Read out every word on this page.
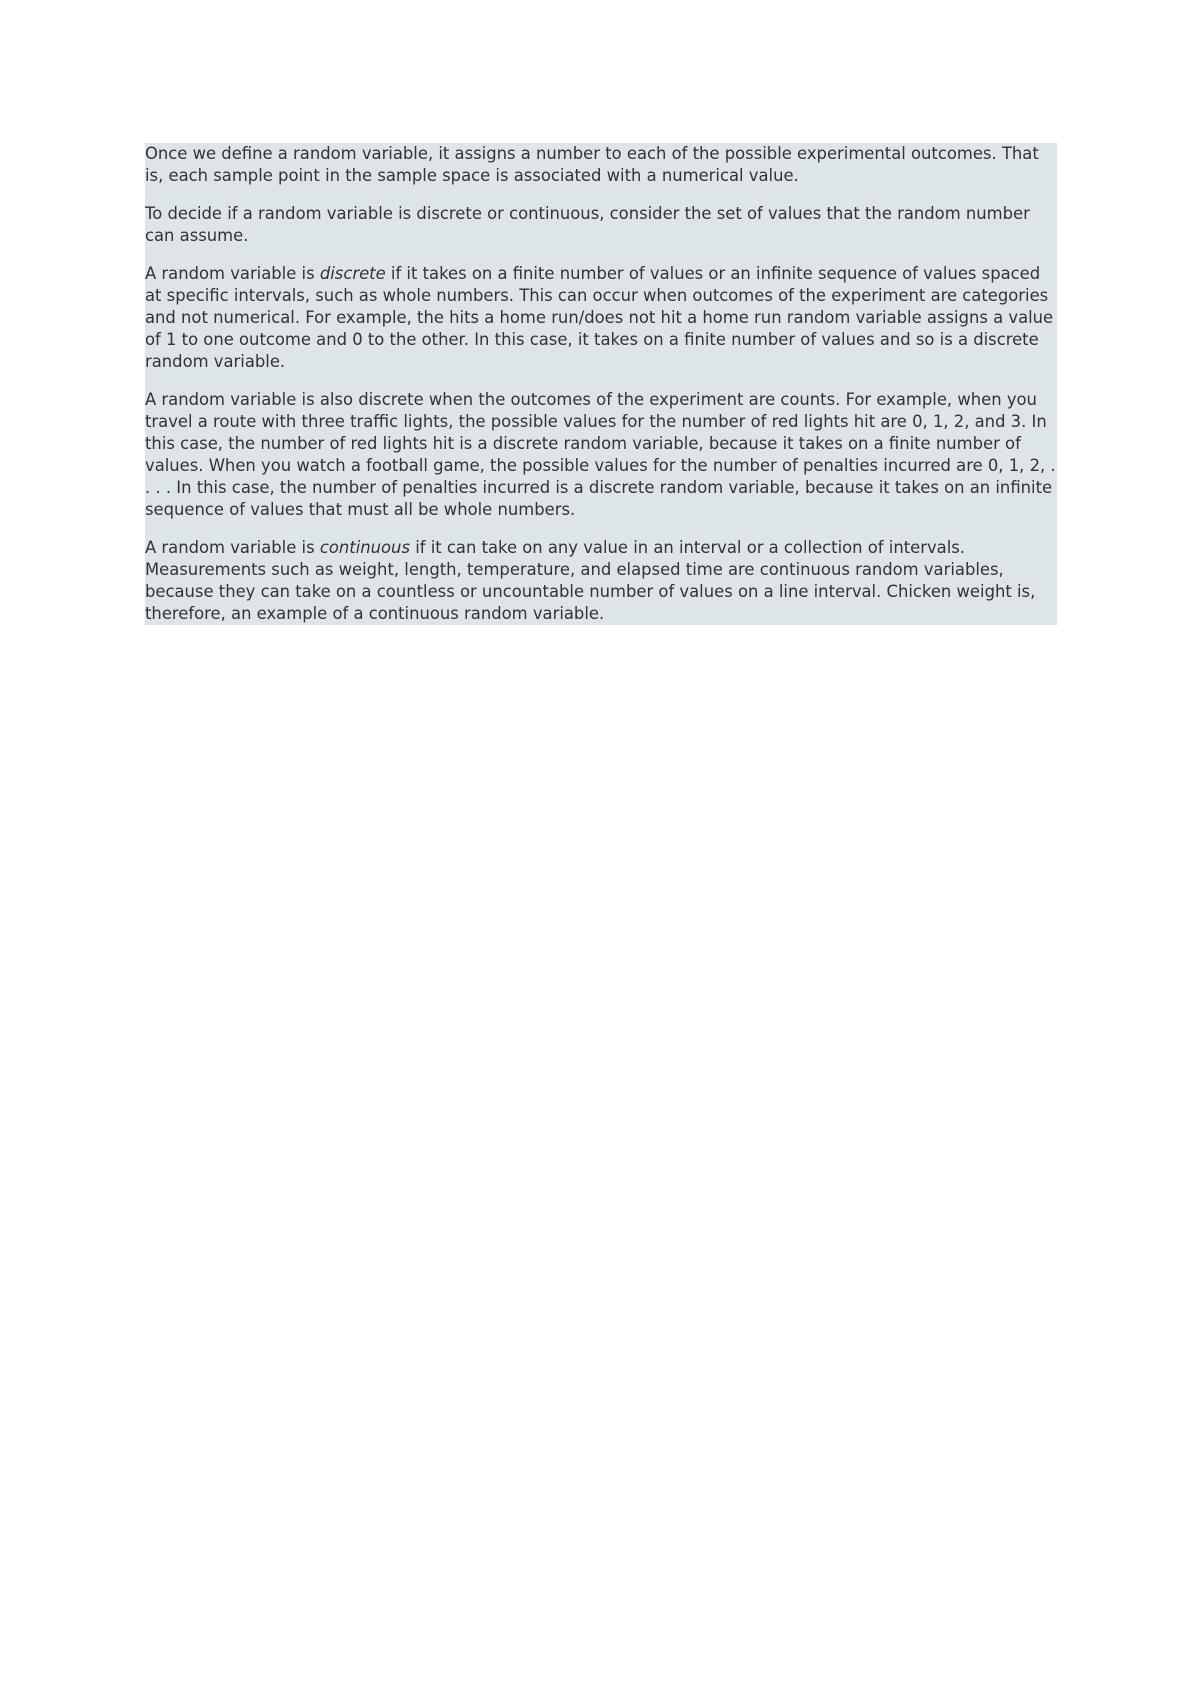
Once we define a random variable, it assigns a number to each of the possible experimental outcomes. That is, each sample point in the sample space is associated with a numerical value.

To decide if a random variable is discrete or continuous, consider the set of values that the random number can assume.

A random variable is discrete if it takes on a finite number of values or an infinite sequence of values spaced at specific intervals, such as whole numbers. This can occur when outcomes of the experiment are categories and not numerical. For example, the hits a home run/does not hit a home run random variable assigns a value of 1 to one outcome and 0 to the other. In this case, it takes on a finite number of values and so is a discrete random variable.

A random variable is also discrete when the outcomes of the experiment are counts. For example, when you travel a route with three traffic lights, the possible values for the number of red lights hit are 0, 1, 2, and 3. In this case, the number of red lights hit is a discrete random variable, because it takes on a finite number of values. When you watch a football game, the possible values for the number of penalties incurred are 0, 1, 2, . . . . In this case, the number of penalties incurred is a discrete random variable, because it takes on an infinite sequence of values that must all be whole numbers.

A random variable is continuous if it can take on any value in an interval or a collection of intervals. Measurements such as weight, length, temperature, and elapsed time are continuous random variables, because they can take on a countless or uncountable number of values on a line interval. Chicken weight is, therefore, an example of a continuous random variable.
